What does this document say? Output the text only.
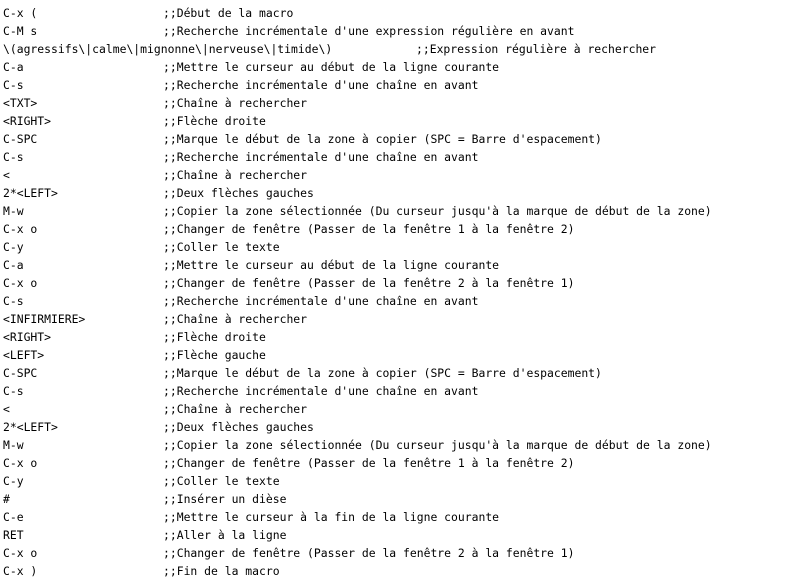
C-x (	;;Début de la macro
C-M s	;;Recherche incrémentale d'une expression régulière en avant
\(agressifs\|calme\|mignonne\|nerveuse\|timide\)	;;Expression régulière à rechercher
C-a	;;Mettre le curseur au début de la ligne courante
C-s	;;Recherche incrémentale d'une chaîne en avant
<TXT>	;;Chaîne à rechercher
<RIGHT>	;;Flèche droite
C-SPC	;;Marque le début de la zone à copier (SPC = Barre d'espacement)
C-s	;;Recherche incrémentale d'une chaîne en avant
<	;;Chaîne à rechercher
2*<LEFT>	;;Deux flèches gauches
M-w	;;Copier la zone sélectionnée (Du curseur jusqu'à la marque de début de la zone)
C-x o	;;Changer de fenêtre (Passer de la fenêtre 1 à la fenêtre 2)
C-y	;;Coller le texte
C-a	;;Mettre le curseur au début de la ligne courante
C-x o	;;Changer de fenêtre (Passer de la fenêtre 2 à la fenêtre 1)
C-s	;;Recherche incrémentale d'une chaîne en avant
<INFIRMIERE>	;;Chaîne à rechercher
<RIGHT>	;;Flèche droite
<LEFT>	;;Flèche gauche
C-SPC	;;Marque le début de la zone à copier (SPC = Barre d'espacement)
C-s	;;Recherche incrémentale d'une chaîne en avant
<	;;Chaîne à rechercher
2*<LEFT>	;;Deux flèches gauches
M-w	;;Copier la zone sélectionnée (Du curseur jusqu'à la marque de début de la zone)
C-x o	;;Changer de fenêtre (Passer de la fenêtre 1 à la fenêtre 2)
C-y	;;Coller le texte
#	;;Insérer un dièse
C-e	;;Mettre le curseur à la fin de la ligne courante
RET	;;Aller à la ligne
C-x o	;;Changer de fenêtre (Passer de la fenêtre 2 à la fenêtre 1)
C-x )	;;Fin de la macro
